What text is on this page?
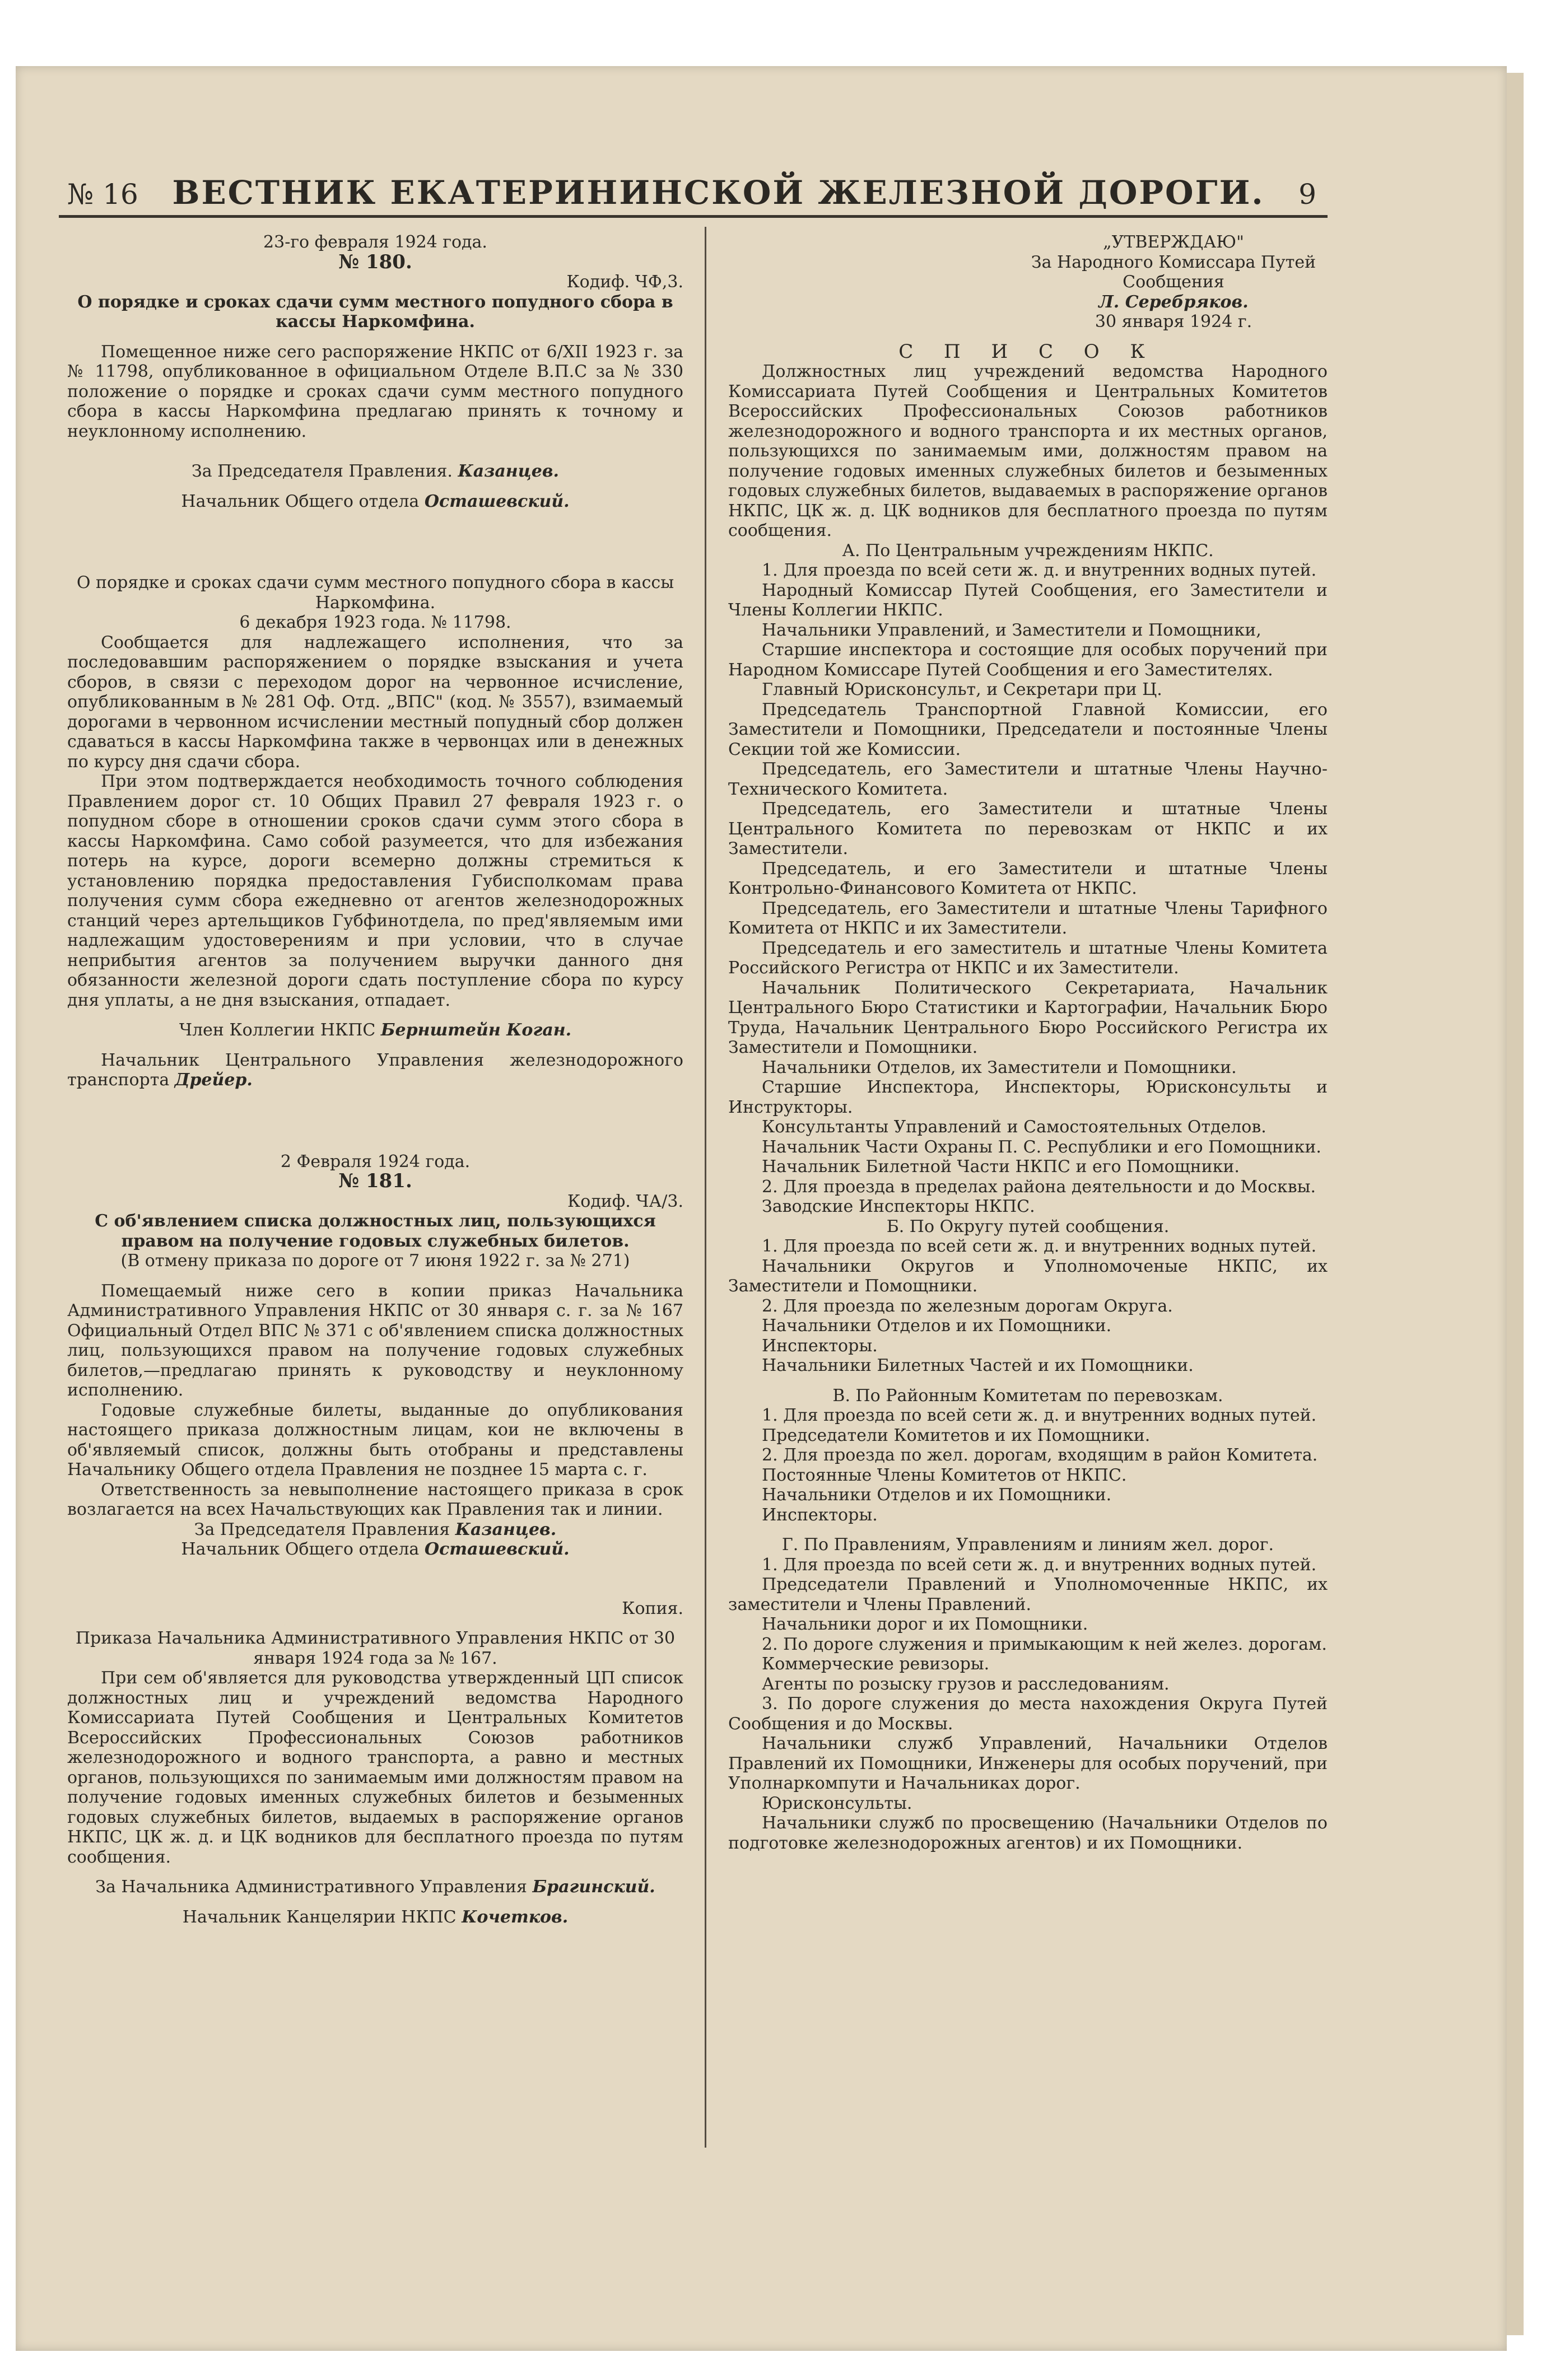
№ 16 ВЕСТНИК ЕКАТЕРИНИНСКОЙ ЖЕЛЕЗНОЙ ДОРОГИ. 9

23-го февраля 1924 года.

№ 180.

Кодиф. ЧФ,3.

О порядке и сроках сдачи сумм местного попудного сбора в кассы Наркомфина.

Помещенное ниже сего распоряжение НКПС от 6/XII 1923 г. за № 11798, опубликованное в официальном Отделе В.П.С за № 330 положение о порядке и сроках сдачи сумм местного попудного сбора в кассы Наркомфина предлагаю принять к точному и неуклонному исполнению.

За Председателя Правления. Казанцев.

Начальник Общего отдела Осташевский.

О порядке и сроках сдачи сумм местного попудного сбора в кассы Наркомфина.

6 декабря 1923 года. № 11798.

Сообщается для надлежащего исполнения, что за последовавшим распоряжением о порядке взыскания и учета сборов, в связи с переходом дорог на червонное исчисление, опубликованным в № 281 Оф. Отд. „ВПС" (код. № 3557), взимаемый дорогами в червонном исчислении местный попудный сбор должен сдаваться в кассы Наркомфина также в червонцах или в денежных по курсу дня сдачи сбора.

При этом подтверждается необходимость точного соблюдения Правлением дорог ст. 10 Общих Правил 27 февраля 1923 г. о попудном сборе в отношении сроков сдачи сумм этого сбора в кассы Наркомфина. Само собой разумеется, что для избежания потерь на курсе, дороги всемерно должны стремиться к установлению порядка предоставления Губисполкомам права получения сумм сбора ежедневно от агентов железнодорожных станций через артельщиков Губфинотдела, по пред'являемым ими надлежащим удостоверениям и при условии, что в случае неприбытия агентов за получением выручки данного дня обязанности железной дороги сдать поступление сбора по курсу дня уплаты, а не дня взыскания, отпадает.

Член Коллегии НКПС Бернштейн Коган.

Начальник Центрального Управления железнодорожного транспорта Дрейер.

2 Февраля 1924 года.

№ 181.

Кодиф. ЧА/3.

С об'явлением списка должностных лиц, пользующихся правом на получение годовых служебных билетов.

(В отмену приказа по дороге от 7 июня 1922 г. за № 271)

Помещаемый ниже сего в копии приказ Начальника Административного Управления НКПС от 30 января с. г. за № 167 Официальный Отдел ВПС № 371 с об'явлением списка должностных лиц, пользующихся правом на получение годовых служебных билетов,—предлагаю принять к руководству и неуклонному исполнению.

Годовые служебные билеты, выданные до опубликования настоящего приказа должностным лицам, кои не включены в об'являемый список, должны быть отобраны и представлены Начальнику Общего отдела Правления не позднее 15 марта с. г.

Ответственность за невыполнение настоящего приказа в срок возлагается на всех Начальствующих как Правления так и линии.

За Председателя Правления Казанцев.

Начальник Общего отдела Осташевский.

Копия.

Приказа Начальника Административного Управления НКПС от 30 января 1924 года за № 167.

При сем об'является для руководства утвержденный ЦП список должностных лиц и учреждений ведомства Народного Комиссариата Путей Сообщения и Центральных Комитетов Всероссийских Профессиональных Союзов работников железнодорожного и водного транспорта, а равно и местных органов, пользующихся по занимаемым ими должностям правом на получение годовых именных служебных билетов и безыменных годовых служебных билетов, выдаемых в распоряжение органов НКПС, ЦК ж. д. и ЦК водников для бесплатного проезда по путям сообщения.

За Начальника Административного Управления Брагинский.

Начальник Канцелярии НКПС Кочетков.

„УТВЕРЖДАЮ"

За Народного Комиссара Путей Сообщения

Л. Серебряков.

30 января 1924 г.

С П И С О К

Должностных лиц учреждений ведомства Народного Комиссариата Путей Сообщения и Центральных Комитетов Всероссийских Профессиональных Союзов работников железнодорожного и водного транспорта и их местных органов, пользующихся по занимаемым ими, должностям правом на получение годовых именных служебных билетов и безыменных годовых служебных билетов, выдаваемых в распоряжение органов НКПС, ЦК ж. д. ЦК водников для бесплатного проезда по путям сообщения.

А. По Центральным учреждениям НКПС.

1. Для проезда по всей сети ж. д. и внутренних водных путей.

Народный Комиссар Путей Сообщения, его Заместители и Члены Коллегии НКПС.

Начальники Управлений, и Заместители и Помощники,

Старшие инспектора и состоящие для особых поручений при Народном Комиссаре Путей Сообщения и его Заместителях.

Главный Юрисконсульт, и Секретари при Ц.

Председатель Транспортной Главной Комиссии, его Заместители и Помощники, Председатели и постоянные Члены Секции той же Комиссии.

Председатель, его Заместители и штатные Члены Научно-Технического Комитета.

Председатель, его Заместители и штатные Члены Центрального Комитета по перевозкам от НКПС и их Заместители.

Председатель, и его Заместители и штатные Члены Контрольно-Финансового Комитета от НКПС.

Председатель, его Заместители и штатные Члены Тарифного Комитета от НКПС и их Заместители.

Председатель и его заместитель и штатные Члены Комитета Российского Регистра от НКПС и их Заместители.

Начальник Политического Секретариата, Начальник Центрального Бюро Статистики и Картографии, Начальник Бюро Труда, Начальник Центрального Бюро Российского Регистра их Заместители и Помощники.

Начальники Отделов, их Заместители и Помощники.

Старшие Инспектора, Инспекторы, Юрисконсульты и Инструкторы.

Консультанты Управлений и Самостоятельных Отделов.

Начальник Части Охраны П. С. Республики и его Помощники.

Начальник Билетной Части НКПС и его Помощники.

2. Для проезда в пределах района деятельности и до Москвы.

Заводские Инспекторы НКПС.

Б. По Округу путей сообщения.

1. Для проезда по всей сети ж. д. и внутренних водных путей.

Начальники Округов и Уполномоченые НКПС, их Заместители и Помощники.

2. Для проезда по железным дорогам Округа.

Начальники Отделов и их Помощники.

Инспекторы.

Начальники Билетных Частей и их Помощники.

В. По Районным Комитетам по перевозкам.

1. Для проезда по всей сети ж. д. и внутренних водных путей.

Председатели Комитетов и их Помощники.

2. Для проезда по жел. дорогам, входящим в район Комитета.

Постоянные Члены Комитетов от НКПС.

Начальники Отделов и их Помощники.

Инспекторы.

Г. По Правлениям, Управлениям и линиям жел. дорог.

1. Для проезда по всей сети ж. д. и внутренних водных путей.

Председатели Правлений и Уполномоченные НКПС, их заместители и Члены Правлений.

Начальники дорог и их Помощники.

2. По дороге служения и примыкающим к ней желез. дорогам.

Коммерческие ревизоры.

Агенты по розыску грузов и расследованиям.

3. По дороге служения до места нахождения Округа Путей Сообщения и до Москвы.

Начальники служб Управлений, Начальники Отделов Правлений их Помощники, Инженеры для особых поручений, при Уполнаркомпути и Начальниках дорог.

Юрисконсульты.

Начальники служб по просвещению (Начальники Отделов по подготовке железнодорожных агентов) и их Помощники.
